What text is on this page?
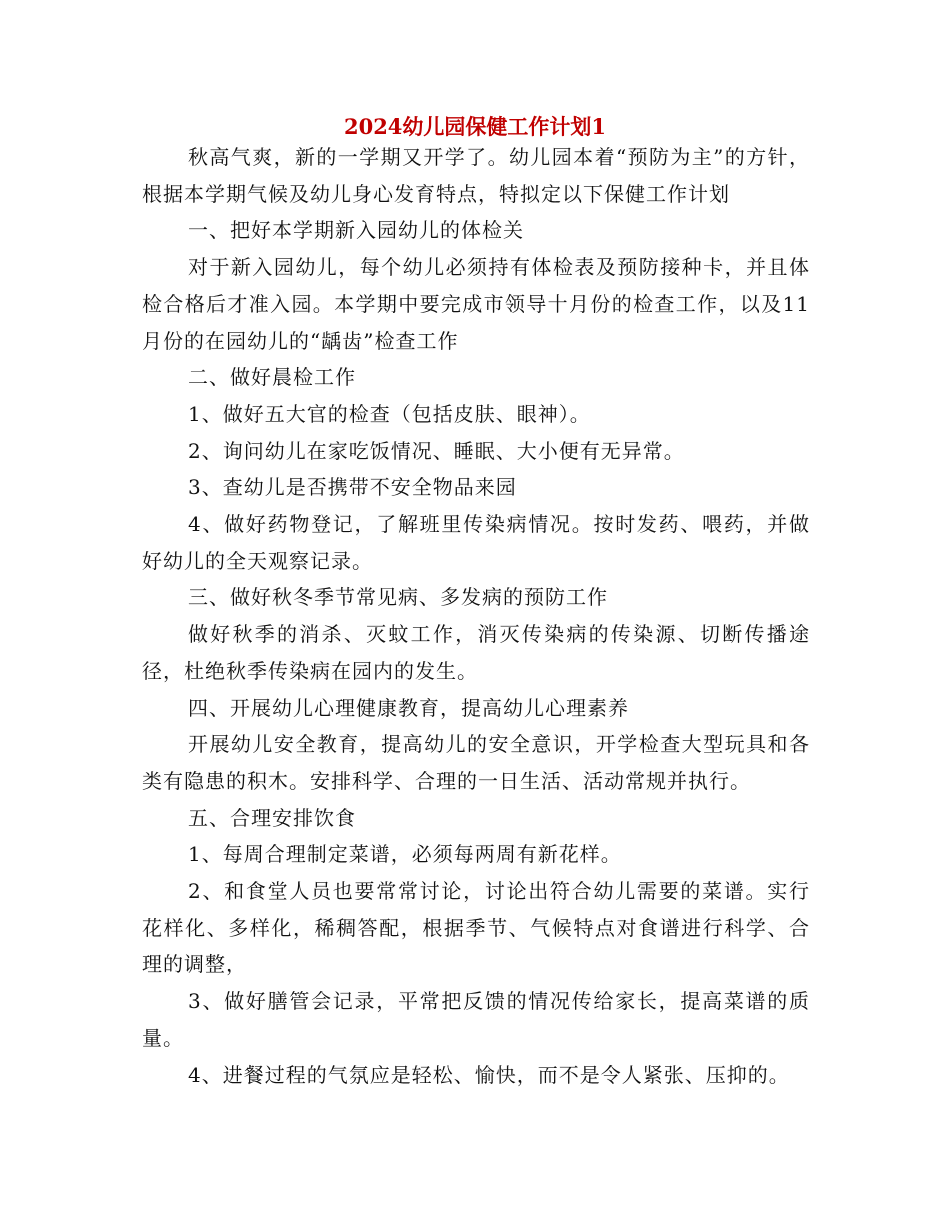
2024幼儿园保健工作计划1

秋高气爽，新的一学期又开学了。幼儿园本着“预防为主”的方针，根据本学期气候及幼儿身心发育特点，特拟定以下保健工作计划

一、把好本学期新入园幼儿的体检关

对于新入园幼儿，每个幼儿必须持有体检表及预防接种卡，并且体检合格后才准入园。本学期中要完成市领导十月份的检查工作，以及11月份的在园幼儿的“龋齿”检查工作

二、做好晨检工作

1、做好五大官的检查（包括皮肤、眼神）。

2、询问幼儿在家吃饭情况、睡眠、大小便有无异常。

3、查幼儿是否携带不安全物品来园

4、做好药物登记，了解班里传染病情况。按时发药、喂药，并做好幼儿的全天观察记录。

三、做好秋冬季节常见病、多发病的预防工作

做好秋季的消杀、灭蚊工作，消灭传染病的传染源、切断传播途径，杜绝秋季传染病在园内的发生。

四、开展幼儿心理健康教育，提高幼儿心理素养

开展幼儿安全教育，提高幼儿的安全意识，开学检查大型玩具和各类有隐患的积木。安排科学、合理的一日生活、活动常规并执行。

五、合理安排饮食

1、每周合理制定菜谱，必须每两周有新花样。

2、和食堂人员也要常常讨论，讨论出符合幼儿需要的菜谱。实行花样化、多样化，稀稠答配，根据季节、气候特点对食谱进行科学、合理的调整，

3、做好膳管会记录，平常把反馈的情况传给家长，提高菜谱的质量。

4、进餐过程的气氛应是轻松、愉快，而不是令人紧张、压抑的。
